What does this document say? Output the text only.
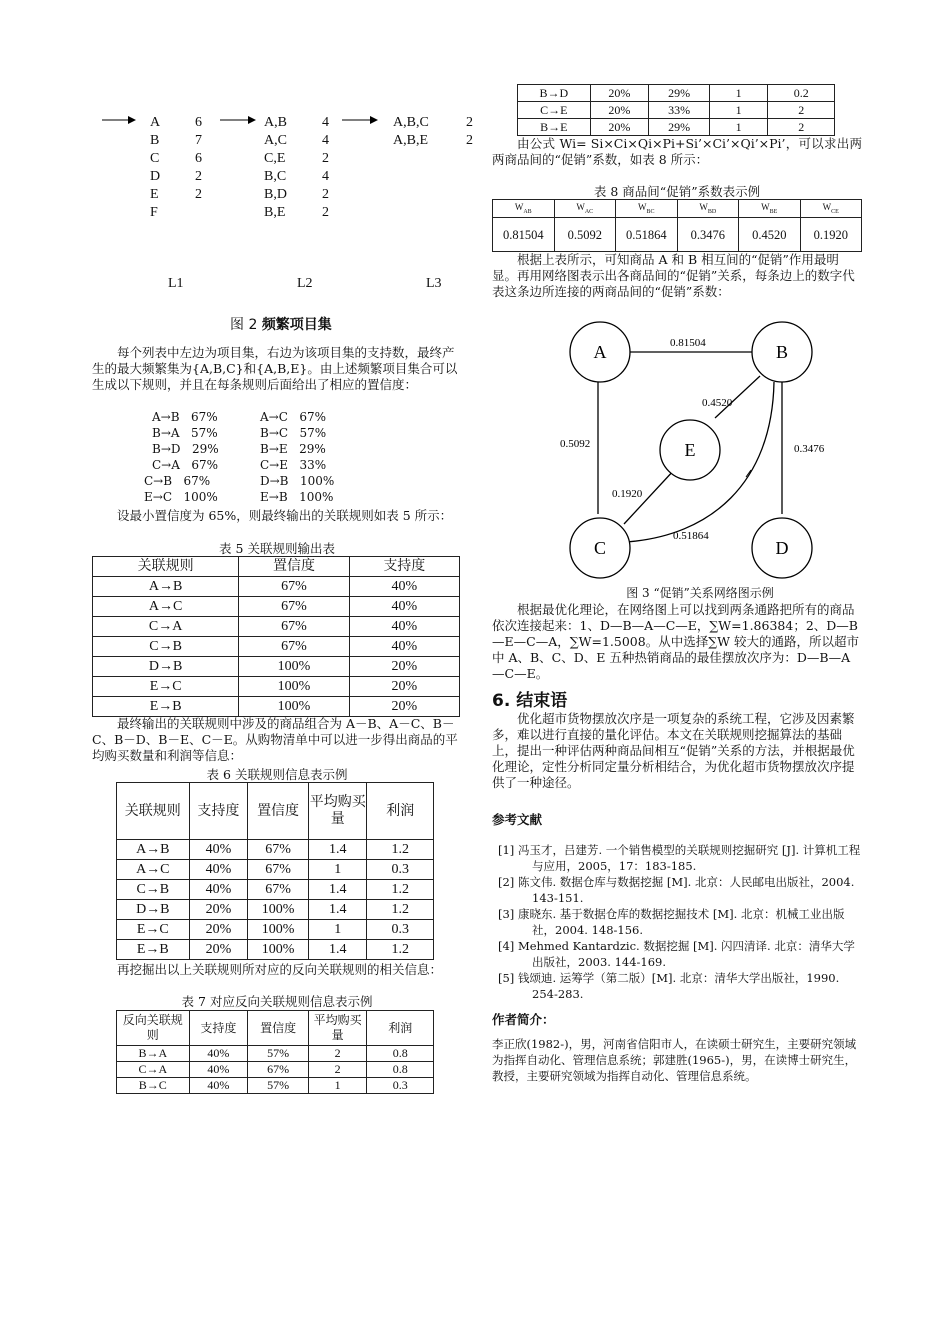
A	6
B	7
C	6
D	2
E	2
F
A,B	4
A,C	4
C,E	2
B,C	4
B,D	2
B,E	2
A,B,C	2
A,B,E	2
L1	L2	L3
图 2 频繁项目集

每个列表中左边为项目集，右边为该项目集的支持数，最终产生的最大频繁集为{A,B,C}和{A,B,E}。由上述频繁项目集合可以生成以下规则，并且在每条规则后面给出了相应的置信度：

A→B   67%	A→C   67%
B→A   57%	B→C   57%
B→D   29%	B→E   29%
C→A   67%	C→E   33%
C→B   67%	D→B   100%
E→C   100%	E→B   100%

设最小置信度为 65%，则最终输出的关联规则如表 5 所示：

表 5 关联规则输出表
关联规则	置信度	支持度
A→B	67%	40%
A→C	67%	40%
C→A	67%	40%
C→B	67%	40%
D→B	100%	20%
E→C	100%	20%
E→B	100%	20%

最终输出的关联规则中涉及的商品组合为 A－B、A－C、B－C、B－D、B－E、C－E。从购物清单中可以进一步得出商品的平均购买数量和利润等信息：

表 6 关联规则信息表示例
关联规则	支持度	置信度	平均购买量	利润
A→B	40%	67%	1.4	1.2
A→C	40%	67%	1	0.3
C→B	40%	67%	1.4	1.2
D→B	20%	100%	1.4	1.2
E→C	20%	100%	1	0.3
E→B	20%	100%	1.4	1.2

再挖掘出以上关联规则所对应的反向关联规则的相关信息：

表 7 对应反向关联规则信息表示例
反向关联规则	支持度	置信度	平均购买量	利润
B→A	40%	57%	2	0.8
C→A	40%	67%	2	0.8
B→C	40%	57%	1	0.3
B→D	20%	29%	1	0.2
C→E	20%	33%	1	2
B→E	20%	29%	1	2

由公式 Wi= Si×Ci×Qi×Pi+Si’×Ci’×Qi’×Pi’，可以求出两两商品间的“促销”系数，如表 8 所示：

表 8 商品间“促销”系数表示例
$W_{AB}$	$W_{AC}$	$W_{BC}$	$W_{BD}$	$W_{BE}$	$W_{CE}$
0.81504	0.5092	0.51864	0.3476	0.4520	0.1920

根据上表所示，可知商品 A 和 B 相互间的“促销”作用最明显。再用网络图表示出各商品间的“促销”关系，每条边上的数字代表这条边所连接的两商品间的“促销”系数：

A	B
C	D
E
0.81504
0.5092
0.4520
0.3476
0.1920
0.51864
图 3 “促销”关系网络图示例

根据最优化理论，在网络图上可以找到两条通路把所有的商品依次连接起来：1、D—B—A—C—E，∑W=1.86384；2、D—B—E—C—A，∑W=1.5008。从中选择∑W 较大的通路，所以超市中 A、B、C、D、E 五种热销商品的最佳摆放次序为：D—B—A—C—E。

6. 结束语

优化超市货物摆放次序是一项复杂的系统工程，它涉及因素繁多，难以进行直接的量化评估。本文在关联规则挖掘算法的基础上，提出一种评估两种商品间相互“促销”关系的方法，并根据最优化理论，定性分析同定量分析相结合，为优化超市货物摆放次序提供了一种途径。

参考文献
[1] 冯玉才，吕建芳. 一个销售模型的关联规则挖掘研究 [J]. 计算机工程与应用，2005，17：183-185.
[2] 陈文伟. 数据仓库与数据挖掘 [M]. 北京：人民邮电出版社，2004. 143-151.
[3] 康晓东. 基于数据仓库的数据挖掘技术 [M]. 北京：机械工业出版社，2004. 148-156.
[4] Mehmed Kantardzic. 数据挖掘 [M]. 闪四清译. 北京：清华大学出版社，2003. 144-169.
[5] 钱颂迪. 运筹学（第二版）[M]. 北京：清华大学出版社，1990. 254-283.
作者简介：

李正欣(1982-)，男，河南省信阳市人，在读硕士研究生，主要研究领域为指挥自动化、管理信息系统；郭建胜(1965-)，男，在读博士研究生，教授，主要研究领域为指挥自动化、管理信息系统。
